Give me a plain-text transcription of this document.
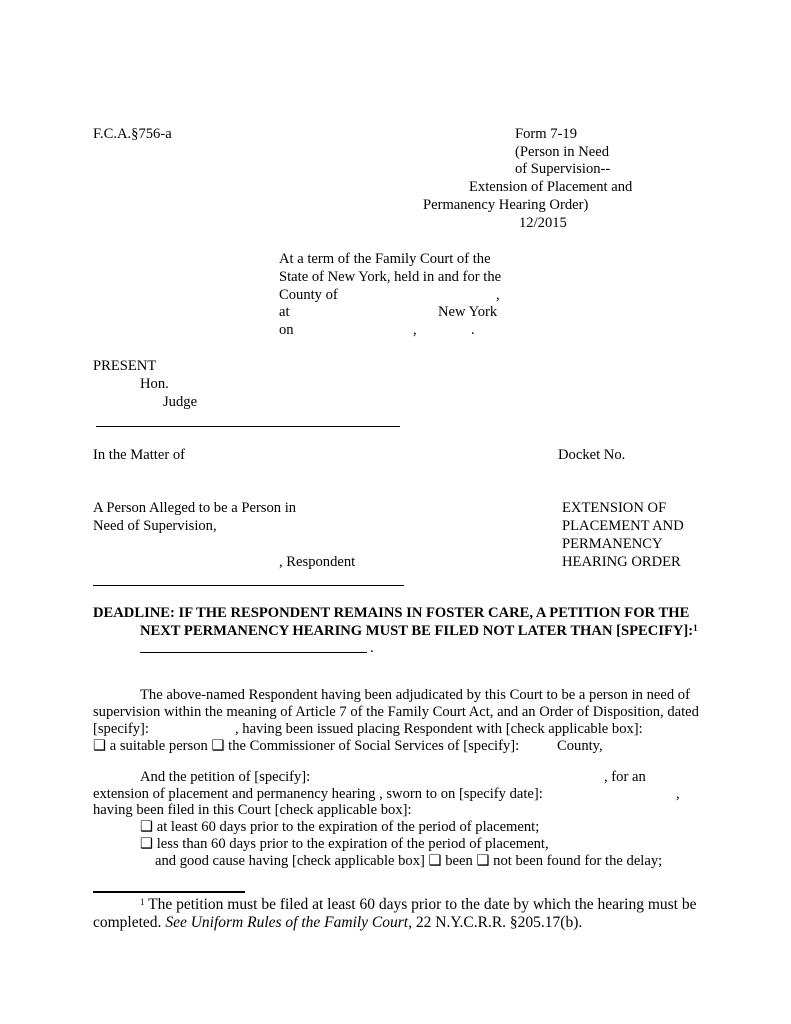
F.C.A.§756-a	Form 7-19
(Person in Need
of Supervision--
Extension of Placement and
Permanency Hearing Order)
12/2015
At a term of the Family Court of the
State of New York, held in and for the
County of	,
at	New York
on	,	.
PRESENT
Hon.
Judge
In the Matter of	Docket No.
A Person Alleged to be a Person in
Need of Supervision,
, Respondent
EXTENSION OF
PLACEMENT AND
PERMANENCY
HEARING ORDER
DEADLINE: IF THE RESPONDENT REMAINS IN FOSTER CARE, A PETITION FOR THE
NEXT PERMANENCY HEARING MUST BE FILED NOT LATER THAN [SPECIFY]:$^1$
.
The above-named Respondent having been adjudicated by this Court to be a person in need of
supervision within the meaning of Article 7 of the Family Court Act, and an Order of Disposition, dated
[specify]:	, having been issued placing Respondent with [check applicable box]:
❑ a suitable person ❑ the Commissioner of Social Services of [specify]:	County,
And the petition of [specify]:	, for an
extension of placement and permanency hearing , sworn to on [specify date]:	,
having been filed in this Court [check applicable box]:
❑ at least 60 days prior to the expiration of the period of placement;
❑ less than 60 days prior to the expiration of the period of placement,
and good cause having [check applicable box] ❑ been ❑ not been found for the delay;
$^1$ The petition must be filed at least 60 days prior to the date by which the hearing must be
completed. See Uniform Rules of the Family Court, 22 N.Y.C.R.R. §205.17(b).
